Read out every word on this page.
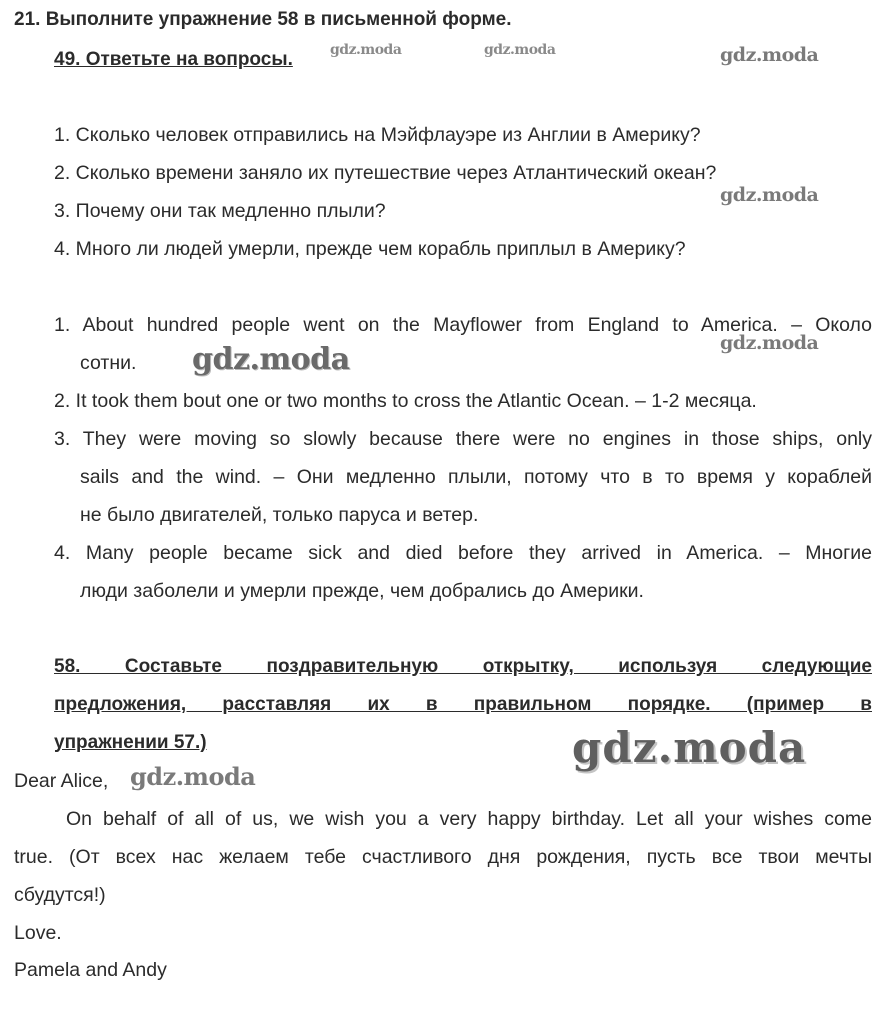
21. Выполните упражнение 58 в письменной форме.
49. Ответьте на вопросы.
1. Сколько человек отправились на Мэйфлауэре из Англии в Америку?
2. Сколько времени заняло их путешествие через Атлантический океан?
3. Почему они так медленно плыли?
4. Много ли людей умерли, прежде чем корабль приплыл в Америку?
1. About hundred people went on the Mayflower from England to America. – Около
сотни.
2. It took them bout one or two months to cross the Atlantic Ocean. – 1-2 месяца.
3. They were moving so slowly because there were no engines in those ships, only
sails and the wind. – Они медленно плыли, потому что в то время у кораблей
не было двигателей, только паруса и ветер.
4. Many people became sick and died before they arrived in America. – Многие
люди заболели и умерли прежде, чем добрались до Америки.
58. Составьте поздравительную открытку, используя следующие
предложения, расставляя их в правильном порядке. (пример в
упражнении 57.)
Dear Alice,
On behalf of all of us, we wish you a very happy birthday. Let all your wishes come
true. (От всех нас желаем тебе счастливого дня рождения, пусть все твои мечты
сбудутся!)
Love.
Pamela and Andy
gdz.moda	gdz.moda	gdz.moda
gdz.moda
gdz.moda
gdz.moda
gdz.moda
gdz.moda
